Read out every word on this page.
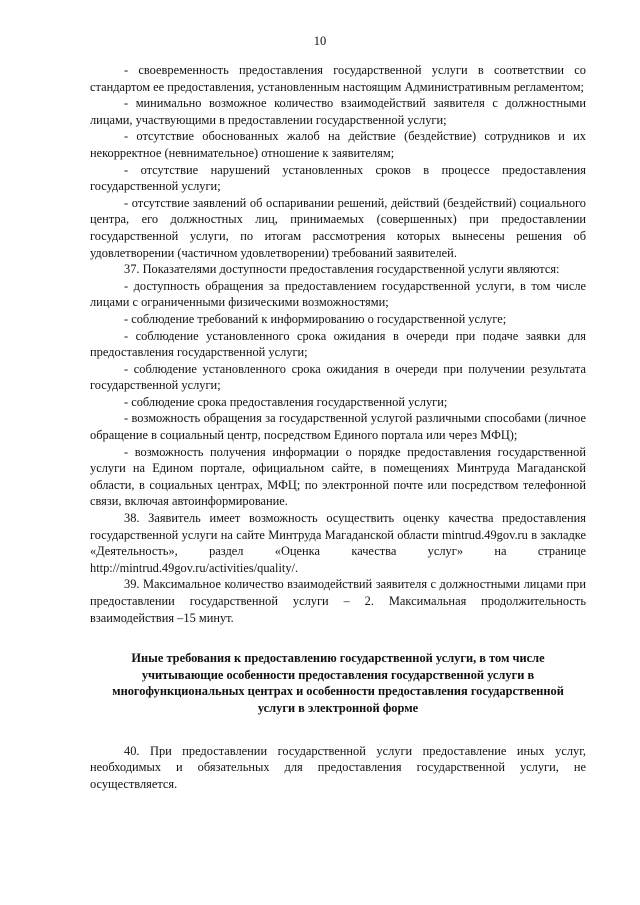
10

- своевременность предоставления государственной услуги в соответствии со стандартом ее предоставления, установленным настоящим Административным регламентом;

- минимально возможное количество взаимодействий заявителя с должностными лицами, участвующими в предоставлении государственной услуги;

- отсутствие обоснованных жалоб на действие (бездействие) сотрудников и их некорректное (невнимательное) отношение к заявителям;

- отсутствие нарушений установленных сроков в процессе предоставления государственной услуги;

- отсутствие заявлений об оспаривании решений, действий (бездействий) социального центра, его должностных лиц, принимаемых (совершенных) при предоставлении государственной услуги, по итогам рассмотрения которых вынесены решения об удовлетворении (частичном удовлетворении) требований заявителей.

37. Показателями доступности предоставления государственной услуги являются:

- доступность обращения за предоставлением государственной услуги, в том числе лицами с ограниченными физическими возможностями;

- соблюдение требований к информированию о государственной услуге;

- соблюдение установленного срока ожидания в очереди при подаче заявки для предоставления государственной услуги;

- соблюдение установленного срока ожидания в очереди при получении результата государственной услуги;

- соблюдение срока предоставления государственной услуги;

- возможность обращения за государственной услугой различными способами (личное обращение в социальный центр, посредством Единого портала или через МФЦ);

- возможность получения информации о порядке предоставления государственной услуги на Едином портале, официальном сайте, в помещениях Минтруда Магаданской области, в социальных центрах, МФЦ; по электронной почте или посредством телефонной связи, включая автоинформирование.

38. Заявитель имеет возможность осуществить оценку качества предоставления государственной услуги на сайте Минтруда Магаданской области mintrud.49gov.ru в закладке «Деятельность», раздел «Оценка качества услуг» на странице http://mintrud.49gov.ru/activities/quality/.

39. Максимальное количество взаимодействий заявителя с должностными лицами при предоставлении государственной услуги – 2. Максимальная продолжительность взаимодействия –15 минут.

Иные требования к предоставлению государственной услуги, в том числе учитывающие особенности предоставления государственной услуги в многофункциональных центрах и особенности предоставления государственной услуги в электронной форме

40. При предоставлении государственной услуги предоставление иных услуг, необходимых и обязательных для предоставления государственной услуги, не осуществляется.
